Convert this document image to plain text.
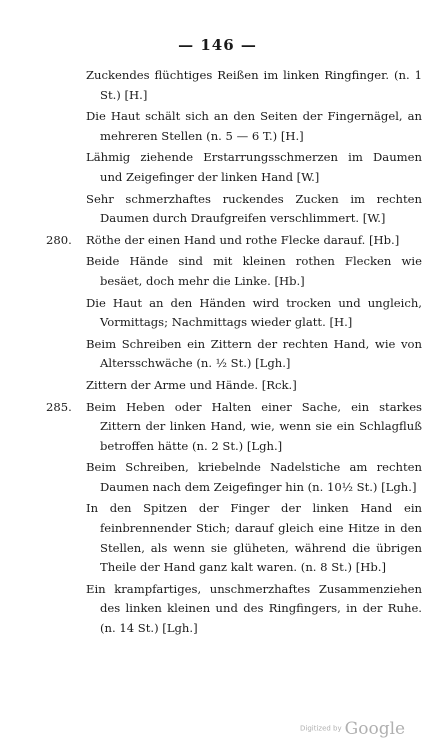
— 146 —
Zuckendes flüchtiges Reißen im linken Ringfinger. (n. 1 St.) [H.]
Die Haut schält sich an den Seiten der Fingernägel, an mehreren Stellen (n. 5 — 6 T.) [H.]
Lähmig ziehende Erstarrungsschmerzen im Daumen und Zeigefinger der linken Hand [W.]
Sehr schmerzhaftes ruckendes Zucken im rechten Daumen durch Draufgreifen verschlimmert. [W.]
280. Röthe der einen Hand und rothe Flecke darauf. [Hb.]
Beide Hände sind mit kleinen rothen Flecken wie besäet, doch mehr die Linke. [Hb.]
Die Haut an den Händen wird trocken und ungleich, Vormittags; Nachmittags wieder glatt. [H.]
Beim Schreiben ein Zittern der rechten Hand, wie von Altersschwäche (n. ½ St.) [Lgh.]
Zittern der Arme und Hände. [Rck.]
285. Beim Heben oder Halten einer Sache, ein starkes Zittern der linken Hand, wie, wenn sie ein Schlagfluß betroffen hätte (n. 2 St.) [Lgh.]
Beim Schreiben, kriebelnde Nadelstiche am rechten Daumen nach dem Zeigefinger hin (n. 10½ St.) [Lgh.]
In den Spitzen der Finger der linken Hand ein feinbrennender Stich; darauf gleich eine Hitze in den Stellen, als wenn sie glüheten, während die übrigen Theile der Hand ganz kalt waren. (n. 8 St.) [Hb.]
Ein krampfartiges, unschmerzhaftes Zusammenziehen des linken kleinen und des Ringfingers, in der Ruhe. (n. 14 St.) [Lgh.]
Digitized by Google
